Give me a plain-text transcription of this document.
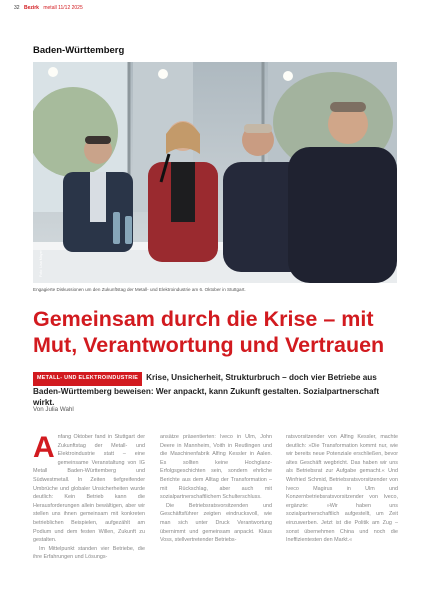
32 Bezirk metall 11/12 2025
Baden-Württemberg
Foto: Lisa Mayer
Engagierte Diskussionen um den Zukunftstag der Metall- und Elektroindustrie am 6. Oktober in Stuttgart.
Gemeinsam durch die Krise – mit Mut, Verantwortung und Vertrauen
METALL- UND ELEKTROINDUSTRIE Krise, Unsicherheit, Strukturbruch – doch vier Betriebe aus Baden-Württemberg beweisen: Wer anpackt, kann Zukunft gestalten. Sozialpartnerschaft wirkt.
Von Julia Wahl

Anfang Oktober fand in Stuttgart der Zukunftstag der Metall- und Elektroindustrie statt – eine gemeinsame Veranstaltung von IG Metall Baden-Württemberg und Südwestmetall. In Zeiten tiefgreifender Umbrüche und globaler Unsicherheiten wurde deutlich: Kein Betrieb kann die Herausforderungen allein bewältigen, aber wir stellen uns ihnen gemeinsam mit konkreten betrieblichen Beispielen, aufgezählt am Podium und dem festen Willen, Zukunft zu gestalten.

Im Mittelpunkt standen vier Betriebe, die ihre Erfahrungen und Lösungs-

ansätze präsentierten: Iveco in Ulm, John Deere in Mannheim, Voith in Reutlingen und die Maschinenfabrik Alfing Kessler in Aalen. Es sollten keine Hochglanz-Erfolgsgeschichten sein, sondern ehrliche Berichte aus dem Alltag der Transformation – mit Rückschlag, aber auch mit sozialpartnerschaftlichem Schulterschluss.

Die Betriebsratsvorsitzenden und Geschäftsführer zeigten eindrucksvoll, wie man sich unter Druck Verantwortung übernimmt und gemeinsam anpackt. Klaus Voss, stellvertretender Betriebs-

ratsvorsitzender von Alfing Kessler, machte deutlich: »Die Transformation kommt nur, wie wir bereits neue Potenziale erschließen, bevor altes Geschäft wegbricht. Das haben wir uns als Betriebsrat zur Aufgabe gemacht.« Und Winfried Schmid, Betriebsratsvorsitzender von Iveco Magirus in Ulm und Konzernbetriebsratsvorsitzender von Iveco, ergänzte: »Wir haben uns sozialpartnerschaftlich aufgestellt, um Zeit einzuwerben. Jetzt ist die Politik am Zug – sonst übernehmen China und noch die Ineffizientesten den Markt.«
